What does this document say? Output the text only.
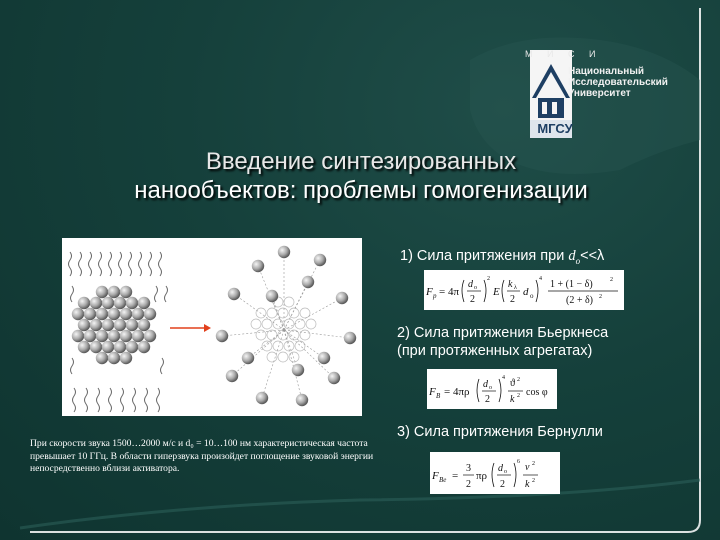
М И С И
Национальный
Исследовательский
Университет
МГСУ
Введение синтезированных
нанообъектов: проблемы гомогенизации
1) Сила притяжения при $d_o<<\lambda$
F p = 4π
d o
2
2
E
k λ
2
d o
4 1 + (1 − δ)	2
(2 + δ) 2
2) Сила притяжения Бьеркнеса
(при протяженных агрегатах)
F B = 4πρ
d o
2
4 ϑ 2
k 2 cos φ
3) Сила притяжения Бернулли
F Be =
3
2
πρ
d o
2
6 v 2
k 2
При скорости звука 1500…2000 м/с и d₀ = 10…100 нм характеристическая частота превышает 10 ГГц. В области гиперзвука произойдет поглощение звуковой энергии непосредственно вблизи активатора.
